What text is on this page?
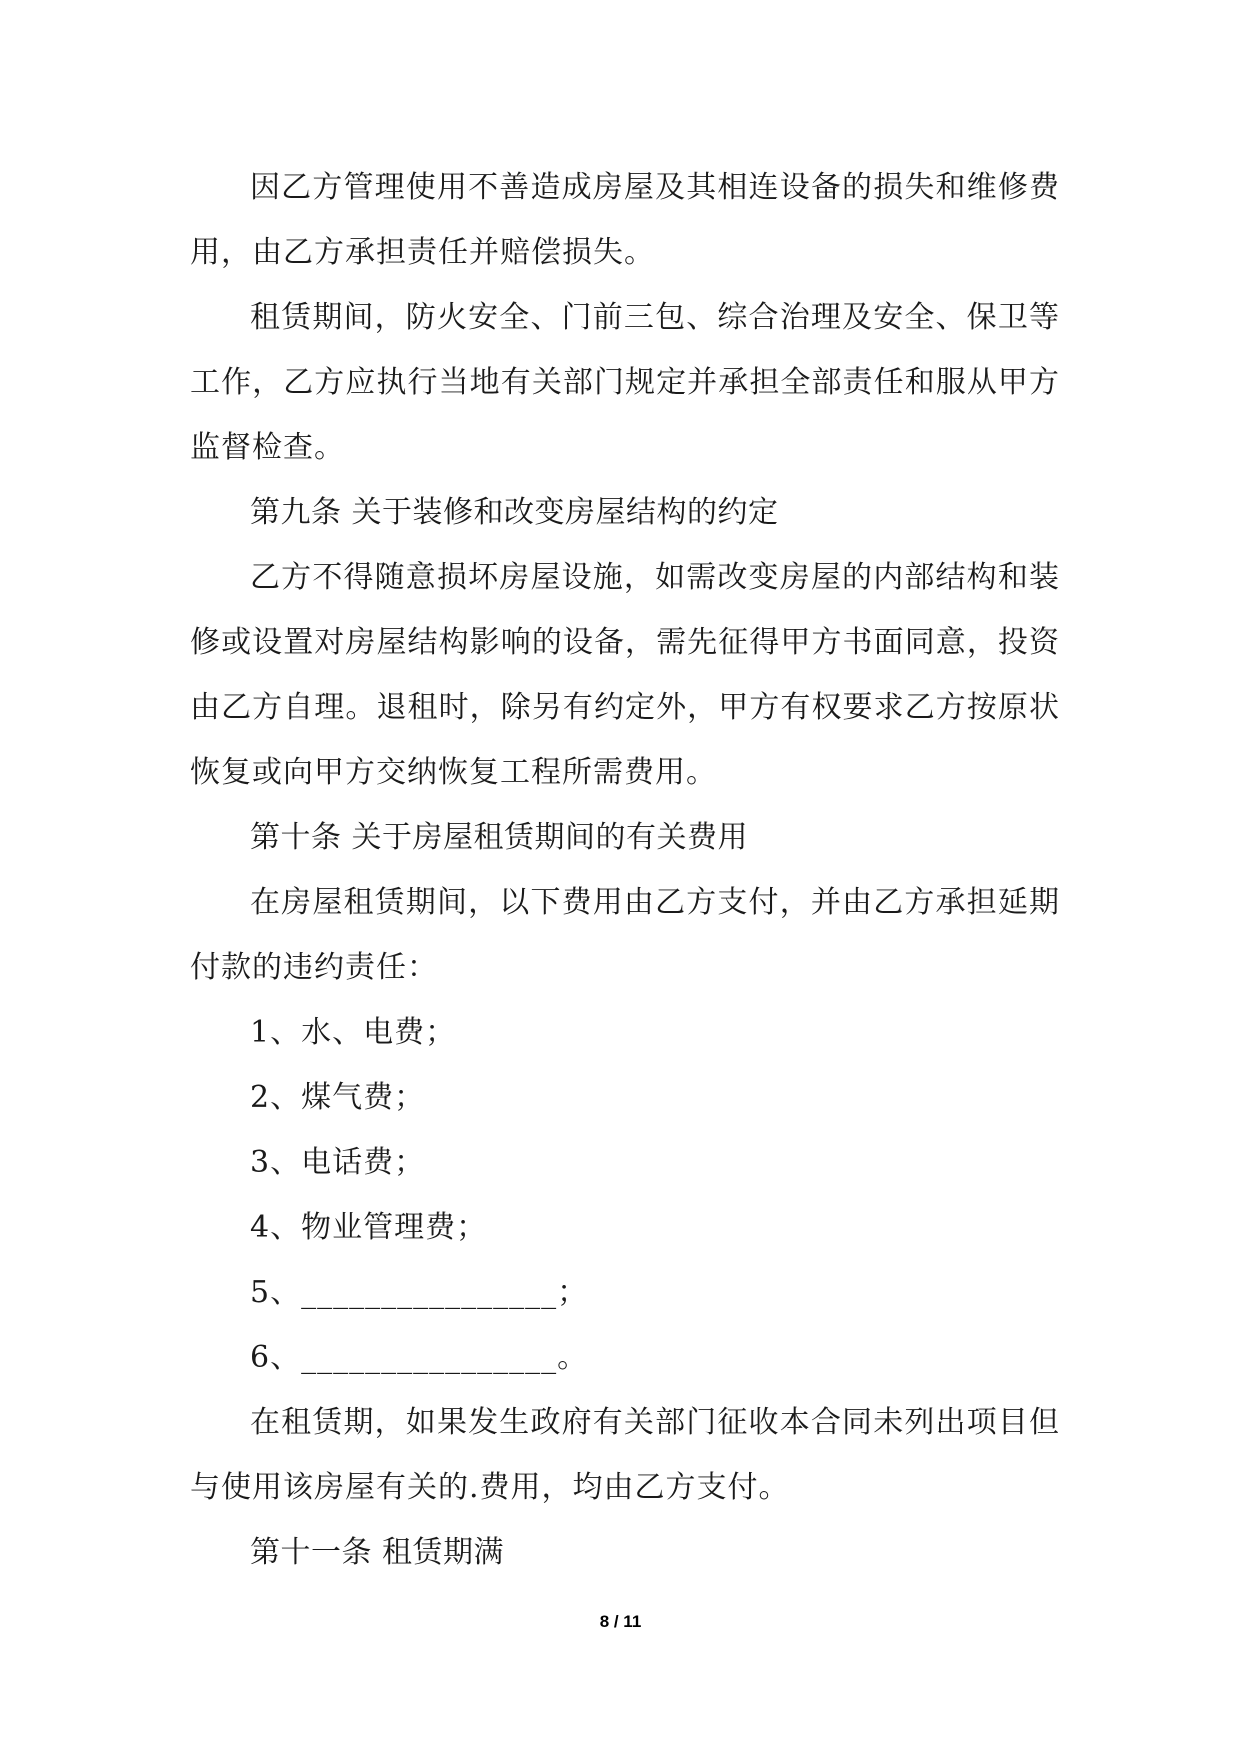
因乙方管理使用不善造成房屋及其相连设备的损失和维修费用，由乙方承担责任并赔偿损失。

租赁期间，防火安全、门前三包、综合治理及安全、保卫等工作，乙方应执行当地有关部门规定并承担全部责任和服从甲方监督检查。

第九条 关于装修和改变房屋结构的约定

乙方不得随意损坏房屋设施，如需改变房屋的内部结构和装修或设置对房屋结构影响的设备，需先征得甲方书面同意，投资由乙方自理。退租时，除另有约定外，甲方有权要求乙方按原状恢复或向甲方交纳恢复工程所需费用。

第十条 关于房屋租赁期间的有关费用

在房屋租赁期间，以下费用由乙方支付，并由乙方承担延期付款的违约责任：

1、水、电费；

2、煤气费；

3、电话费；

4、物业管理费；

5、________________；

6、________________。

在租赁期，如果发生政府有关部门征收本合同未列出项目但与使用该房屋有关的.费用，均由乙方支付。

第十一条 租赁期满

8 / 11
